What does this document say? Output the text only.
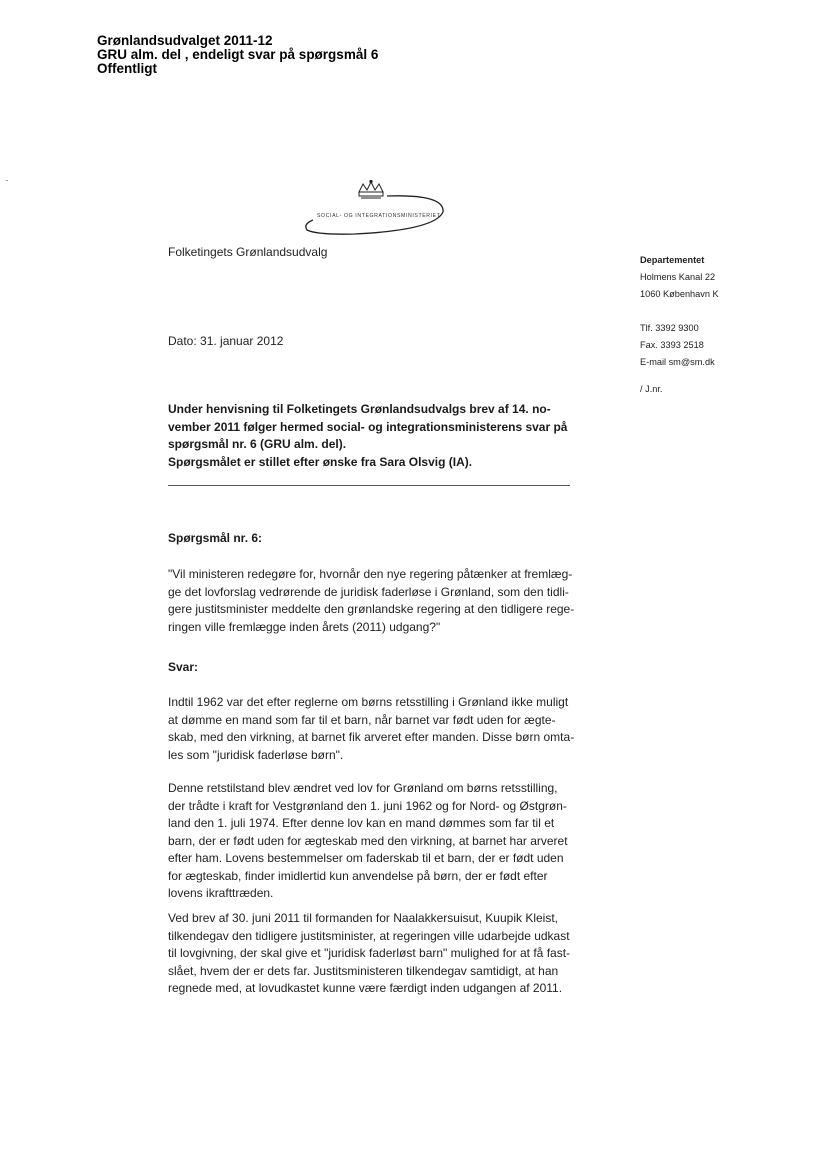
Grønlandsudvalget 2011-12
GRU alm. del , endeligt svar på spørgsmål 6
Offentligt
SOCIAL- OG INTEGRATIONSMINISTERIET
Folketingets Grønlandsudvalg
Dato: 31. januar 2012
Departementet
Holmens Kanal 22
1060 København K
Tlf. 3392 9300
Fax. 3393 2518
E-mail sm@sm.dk
/ J.nr.
Under henvisning til Folketingets Grønlandsudvalgs brev af 14. no-
vember 2011 følger hermed social- og integrationsministerens svar på
spørgsmål nr. 6 (GRU alm. del).
Spørgsmålet er stillet efter ønske fra Sara Olsvig (IA).
Spørgsmål nr. 6:
"Vil ministeren redegøre for, hvornår den nye regering påtænker at fremlæg-
ge det lovforslag vedrørende de juridisk faderløse i Grønland, som den tidli-
gere justitsminister meddelte den grønlandske regering at den tidligere rege-
ringen ville fremlægge inden årets (2011) udgang?"
Svar:
Indtil 1962 var det efter reglerne om børns retsstilling i Grønland ikke muligt
at dømme en mand som far til et barn, når barnet var født uden for ægte-
skab, med den virkning, at barnet fik arveret efter manden. Disse børn omta-
les som "juridisk faderløse børn".
Denne retstilstand blev ændret ved lov for Grønland om børns retsstilling,
der trådte i kraft for Vestgrønland den 1. juni 1962 og for Nord- og Østgrøn-
land den 1. juli 1974. Efter denne lov kan en mand dømmes som far til et
barn, der er født uden for ægteskab med den virkning, at barnet har arveret
efter ham. Lovens bestemmelser om faderskab til et barn, der er født uden
for ægteskab, finder imidlertid kun anvendelse på børn, der er født efter
lovens ikrafttræden.
Ved brev af 30. juni 2011 til formanden for Naalakkersuisut, Kuupik Kleist,
tilkendegav den tidligere justitsminister, at regeringen ville udarbejde udkast
til lovgivning, der skal give et "juridisk faderløst barn" mulighed for at få fast-
slået, hvem der er dets far. Justitsministeren tilkendegav samtidigt, at han
regnede med, at lovudkastet kunne være færdigt inden udgangen af 2011.
